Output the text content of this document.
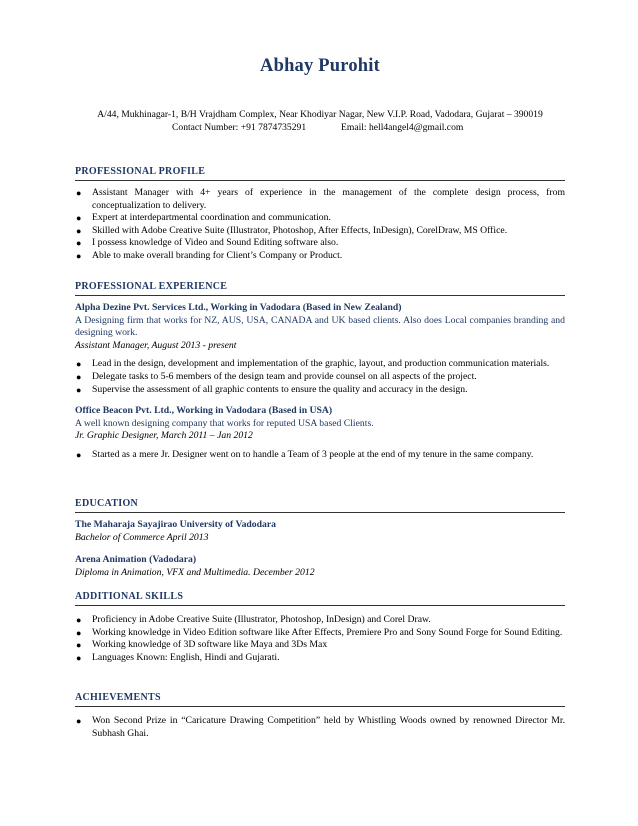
Abhay Purohit
A/44, Mukhinagar-1, B/H Vrajdham Complex, Near Khodiyar Nagar, New V.I.P. Road, Vadodara, Gujarat – 390019
Contact Number: +91 7874735291	Email: hell4angel4@gmail.com
PROFESSIONAL PROFILE
● Assistant Manager with 4+ years of experience in the management of the complete design process, from conceptualization to delivery.
● Expert at interdepartmental coordination and communication.
● Skilled with Adobe Creative Suite (Illustrator, Photoshop, After Effects, InDesign), CorelDraw, MS Office.
● I possess knowledge of Video and Sound Editing software also.
● Able to make overall branding for Client’s Company or Product.
PROFESSIONAL EXPERIENCE
Alpha Dezine Pvt. Services Ltd., Working in Vadodara (Based in New Zealand)
A Designing firm that works for NZ, AUS, USA, CANADA and UK based clients. Also does Local companies branding and designing work.
Assistant Manager, August 2013 - present
● Lead in the design, development and implementation of the graphic, layout, and production communication materials.
● Delegate tasks to 5-6 members of the design team and provide counsel on all aspects of the project.
● Supervise the assessment of all graphic contents to ensure the quality and accuracy in the design.
Office Beacon Pvt. Ltd., Working in Vadodara (Based in USA)
A well known designing company that works for reputed USA based Clients.
Jr. Graphic Designer, March 2011 – Jan 2012
● Started as a mere Jr. Designer went on to handle a Team of 3 people at the end of my tenure in the same company.
EDUCATION
The Maharaja Sayajirao University of Vadodara
Bachelor of Commerce April 2013
Arena Animation (Vadodara)
Diploma in Animation, VFX and Multimedia. December 2012
ADDITIONAL SKILLS
● Proficiency in Adobe Creative Suite (Illustrator, Photoshop, InDesign) and Corel Draw.
● Working knowledge in Video Edition software like After Effects, Premiere Pro and Sony Sound Forge for Sound Editing.
● Working knowledge of 3D software like Maya and 3Ds Max
● Languages Known: English, Hindi and Gujarati.
ACHIEVEMENTS
● Won Second Prize in “Caricature Drawing Competition” held by Whistling Woods owned by renowned Director Mr. Subhash Ghai.
